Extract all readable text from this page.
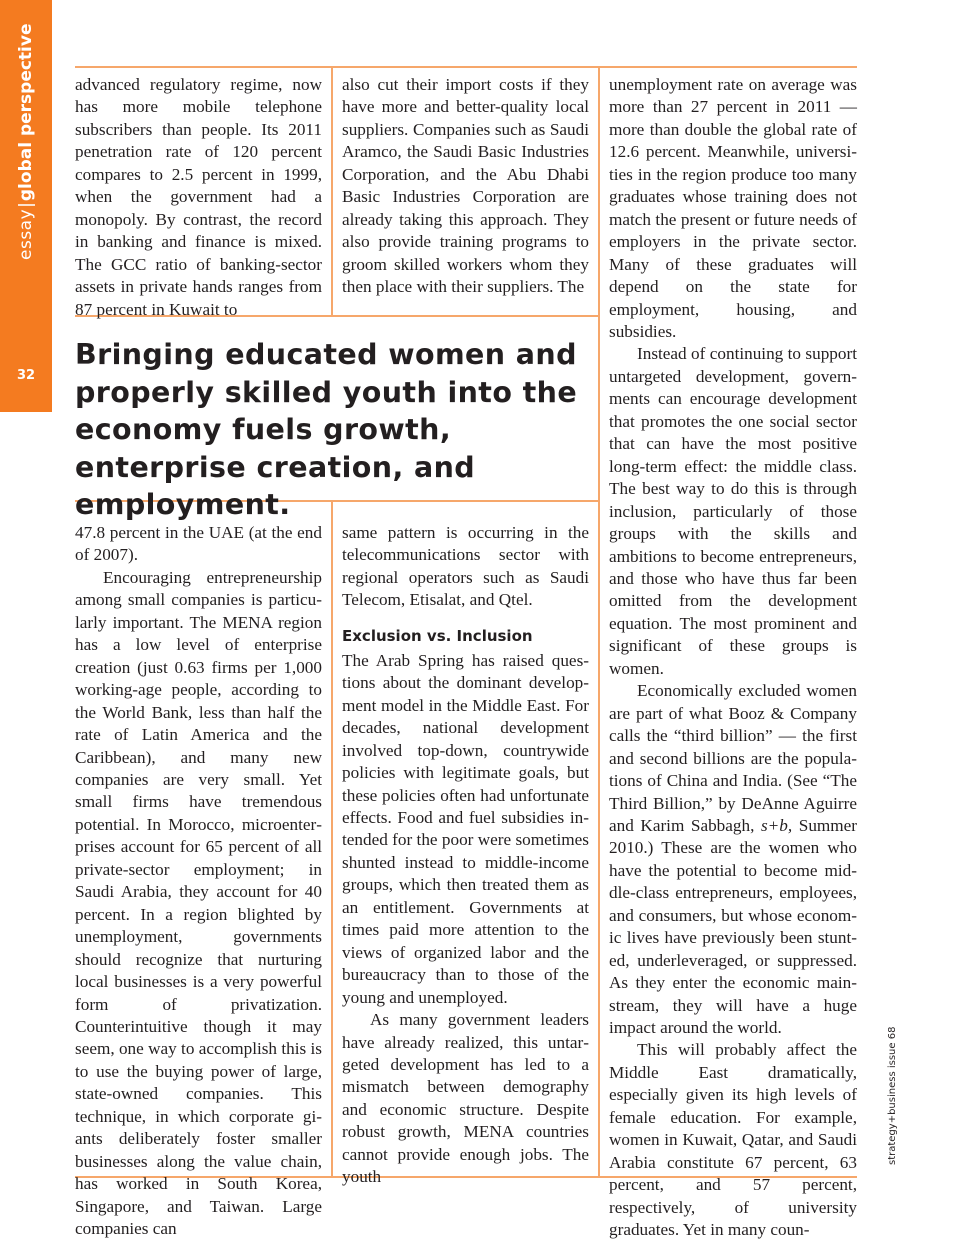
essay|global perspective
32

advanced regulatory regime, now has more mobile telephone subscribers than people. Its 2011 penetration rate of 120 percent compares to 2.5 percent in 1999, when the government had a monopoly. By contrast, the record in banking and finance is mixed. The GCC ratio of banking-sector assets in private hands ranges from 87 percent in Kuwait to

also cut their import costs if they have more and better-quality local suppliers. Companies such as Saudi Aramco, the Saudi Basic Industries Corporation, and the Abu Dhabi Basic Industries Corporation are already taking this approach. They also provide training programs to groom skilled workers whom they then place with their suppliers. The

Bringing educated women and properly skilled youth into the economy fuels growth, enterprise creation, and employment.

47.8 percent in the UAE (at the end of 2007).

Encouraging entrepreneurship among small companies is particularly important. The MENA region has a low level of enterprise creation (just 0.63 firms per 1,000 working-age people, according to the World Bank, less than half the rate of Latin America and the Caribbean), and many new companies are very small. Yet small firms have tremendous potential. In Morocco, microenterprises account for 65 percent of all private-sector employment; in Saudi Arabia, they account for 40 percent. In a region blighted by unemployment, governments should recognize that nurturing local businesses is a very powerful form of privatization. Counterintuitive though it may seem, one way to accomplish this is to use the buying power of large, state-owned companies. This technique, in which corporate giants deliberately foster smaller businesses along the value chain, has worked in South Korea, Singapore, and Taiwan. Large companies can

same pattern is occurring in the telecommunications sector with regional operators such as Saudi Telecom, Etisalat, and Qtel.

Exclusion vs. Inclusion

The Arab Spring has raised questions about the dominant development model in the Middle East. For decades, national development involved top-down, countrywide policies with legitimate goals, but these policies often had unfortunate effects. Food and fuel subsidies intended for the poor were sometimes shunted instead to middle-income groups, which then treated them as an entitlement. Governments at times paid more attention to the views of organized labor and the bureaucracy than to those of the young and unemployed.

As many government leaders have already realized, this untargeted development has led to a mismatch between demography and economic structure. Despite robust growth, MENA countries cannot provide enough jobs. The youth

unemployment rate on average was more than 27 percent in 2011 — more than double the global rate of 12.6 percent. Meanwhile, universities in the region produce too many graduates whose training does not match the present or future needs of employers in the private sector. Many of these graduates will depend on the state for employment, housing, and subsidies.

Instead of continuing to support untargeted development, governments can encourage development that promotes the one social sector that can have the most positive long-term effect: the middle class. The best way to do this is through inclusion, particularly of those groups with the skills and ambitions to become entrepreneurs, and those who have thus far been omitted from the development equation. The most prominent and significant of these groups is women.

Economically excluded women are part of what Booz & Company calls the “third billion” — the first and second billions are the populations of China and India. (See “The Third Billion,” by DeAnne Aguirre and Karim Sabbagh, s+b, Summer 2010.) These are the women who have the potential to become middle-class entrepreneurs, employees, and consumers, but whose economic lives have previously been stunted, underleveraged, or suppressed. As they enter the economic mainstream, they will have a huge impact around the world.

This will probably affect the Middle East dramatically, especially given its high levels of female education. For example, women in Kuwait, Qatar, and Saudi Arabia constitute 67 percent, 63 percent, and 57 percent, respectively, of university graduates. Yet in many coun-

strategy+business issue 68
